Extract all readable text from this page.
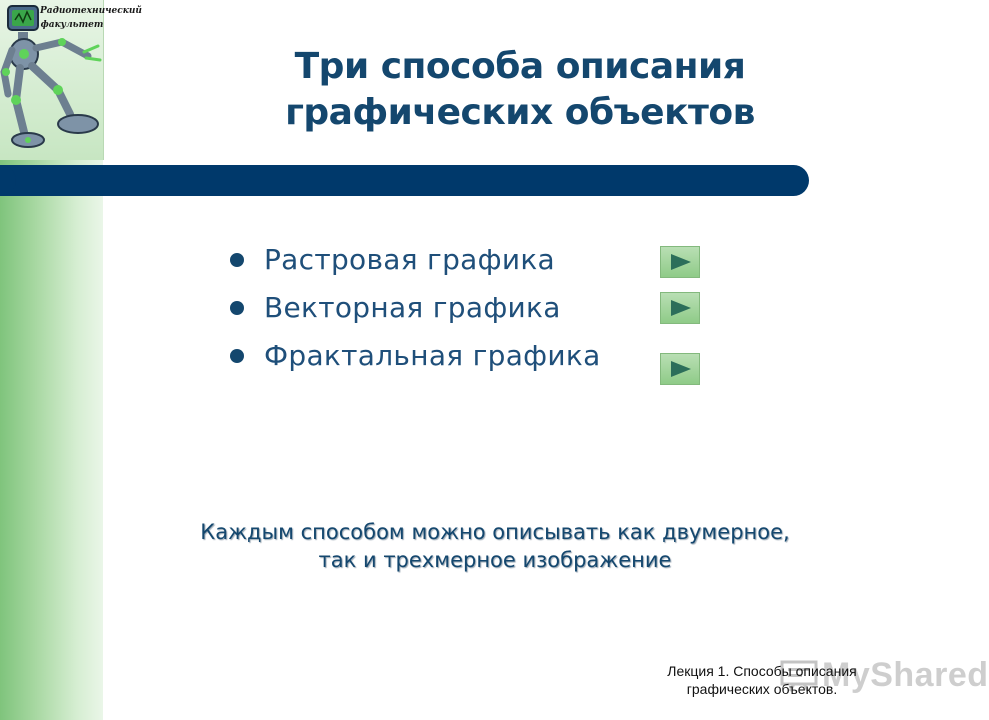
Радиотехнический
факультет
Три способа описания
графических объектов
Растровая графика
Векторная графика
Фрактальная графика
Каждым способом можно описывать как двумерное,
так и трехмерное изображение
MyShared
Лекция 1. Способы описания
графических объектов.
